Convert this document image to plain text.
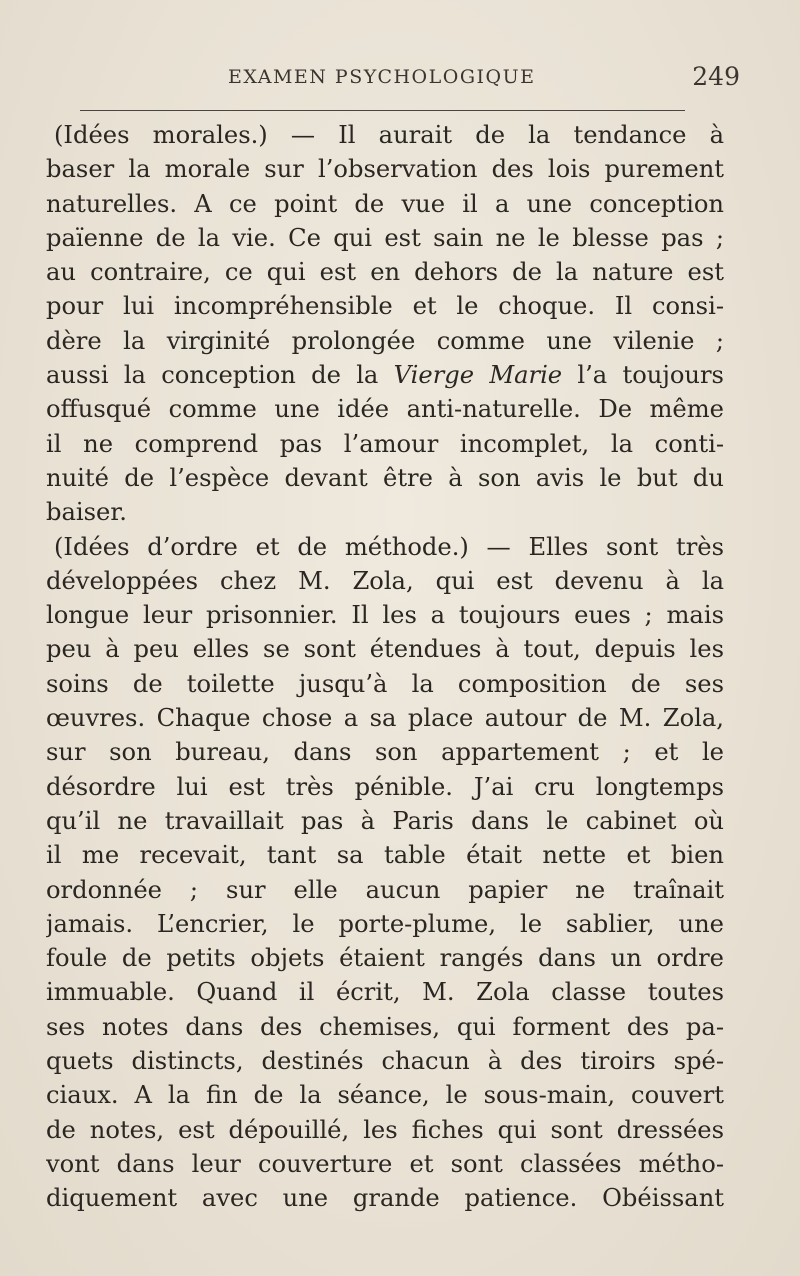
EXAMEN PSYCHOLOGIQUE	249
(Idées morales.) — Il aurait de la tendance à
baser la morale sur l’observation des lois purement
naturelles. A ce point de vue il a une conception
païenne de la vie. Ce qui est sain ne le blesse pas ;
au contraire, ce qui est en dehors de la nature est
pour lui incompréhensible et le choque. Il consi-
dère la virginité prolongée comme une vilenie ;
aussi la conception de la Vierge Marie l’a toujours
offusqué comme une idée anti-naturelle. De même
il ne comprend pas l’amour incomplet, la conti-
nuité de l’espèce devant être à son avis le but du
baiser.
(Idées d’ordre et de méthode.) — Elles sont très
développées chez M. Zola, qui est devenu à la
longue leur prisonnier. Il les a toujours eues ; mais
peu à peu elles se sont étendues à tout, depuis les
soins de toilette jusqu’à la composition de ses
œuvres. Chaque chose a sa place autour de M. Zola,
sur son bureau, dans son appartement ; et le
désordre lui est très pénible. J’ai cru longtemps
qu’il ne travaillait pas à Paris dans le cabinet où
il me recevait, tant sa table était nette et bien
ordonnée ; sur elle aucun papier ne traînait
jamais. L’encrier, le porte-plume, le sablier, une
foule de petits objets étaient rangés dans un ordre
immuable. Quand il écrit, M. Zola classe toutes
ses notes dans des chemises, qui forment des pa-
quets distincts, destinés chacun à des tiroirs spé-
ciaux. A la fin de la séance, le sous-main, couvert
de notes, est dépouillé, les fiches qui sont dressées
vont dans leur couverture et sont classées métho-
diquement avec une grande patience. Obéissant
